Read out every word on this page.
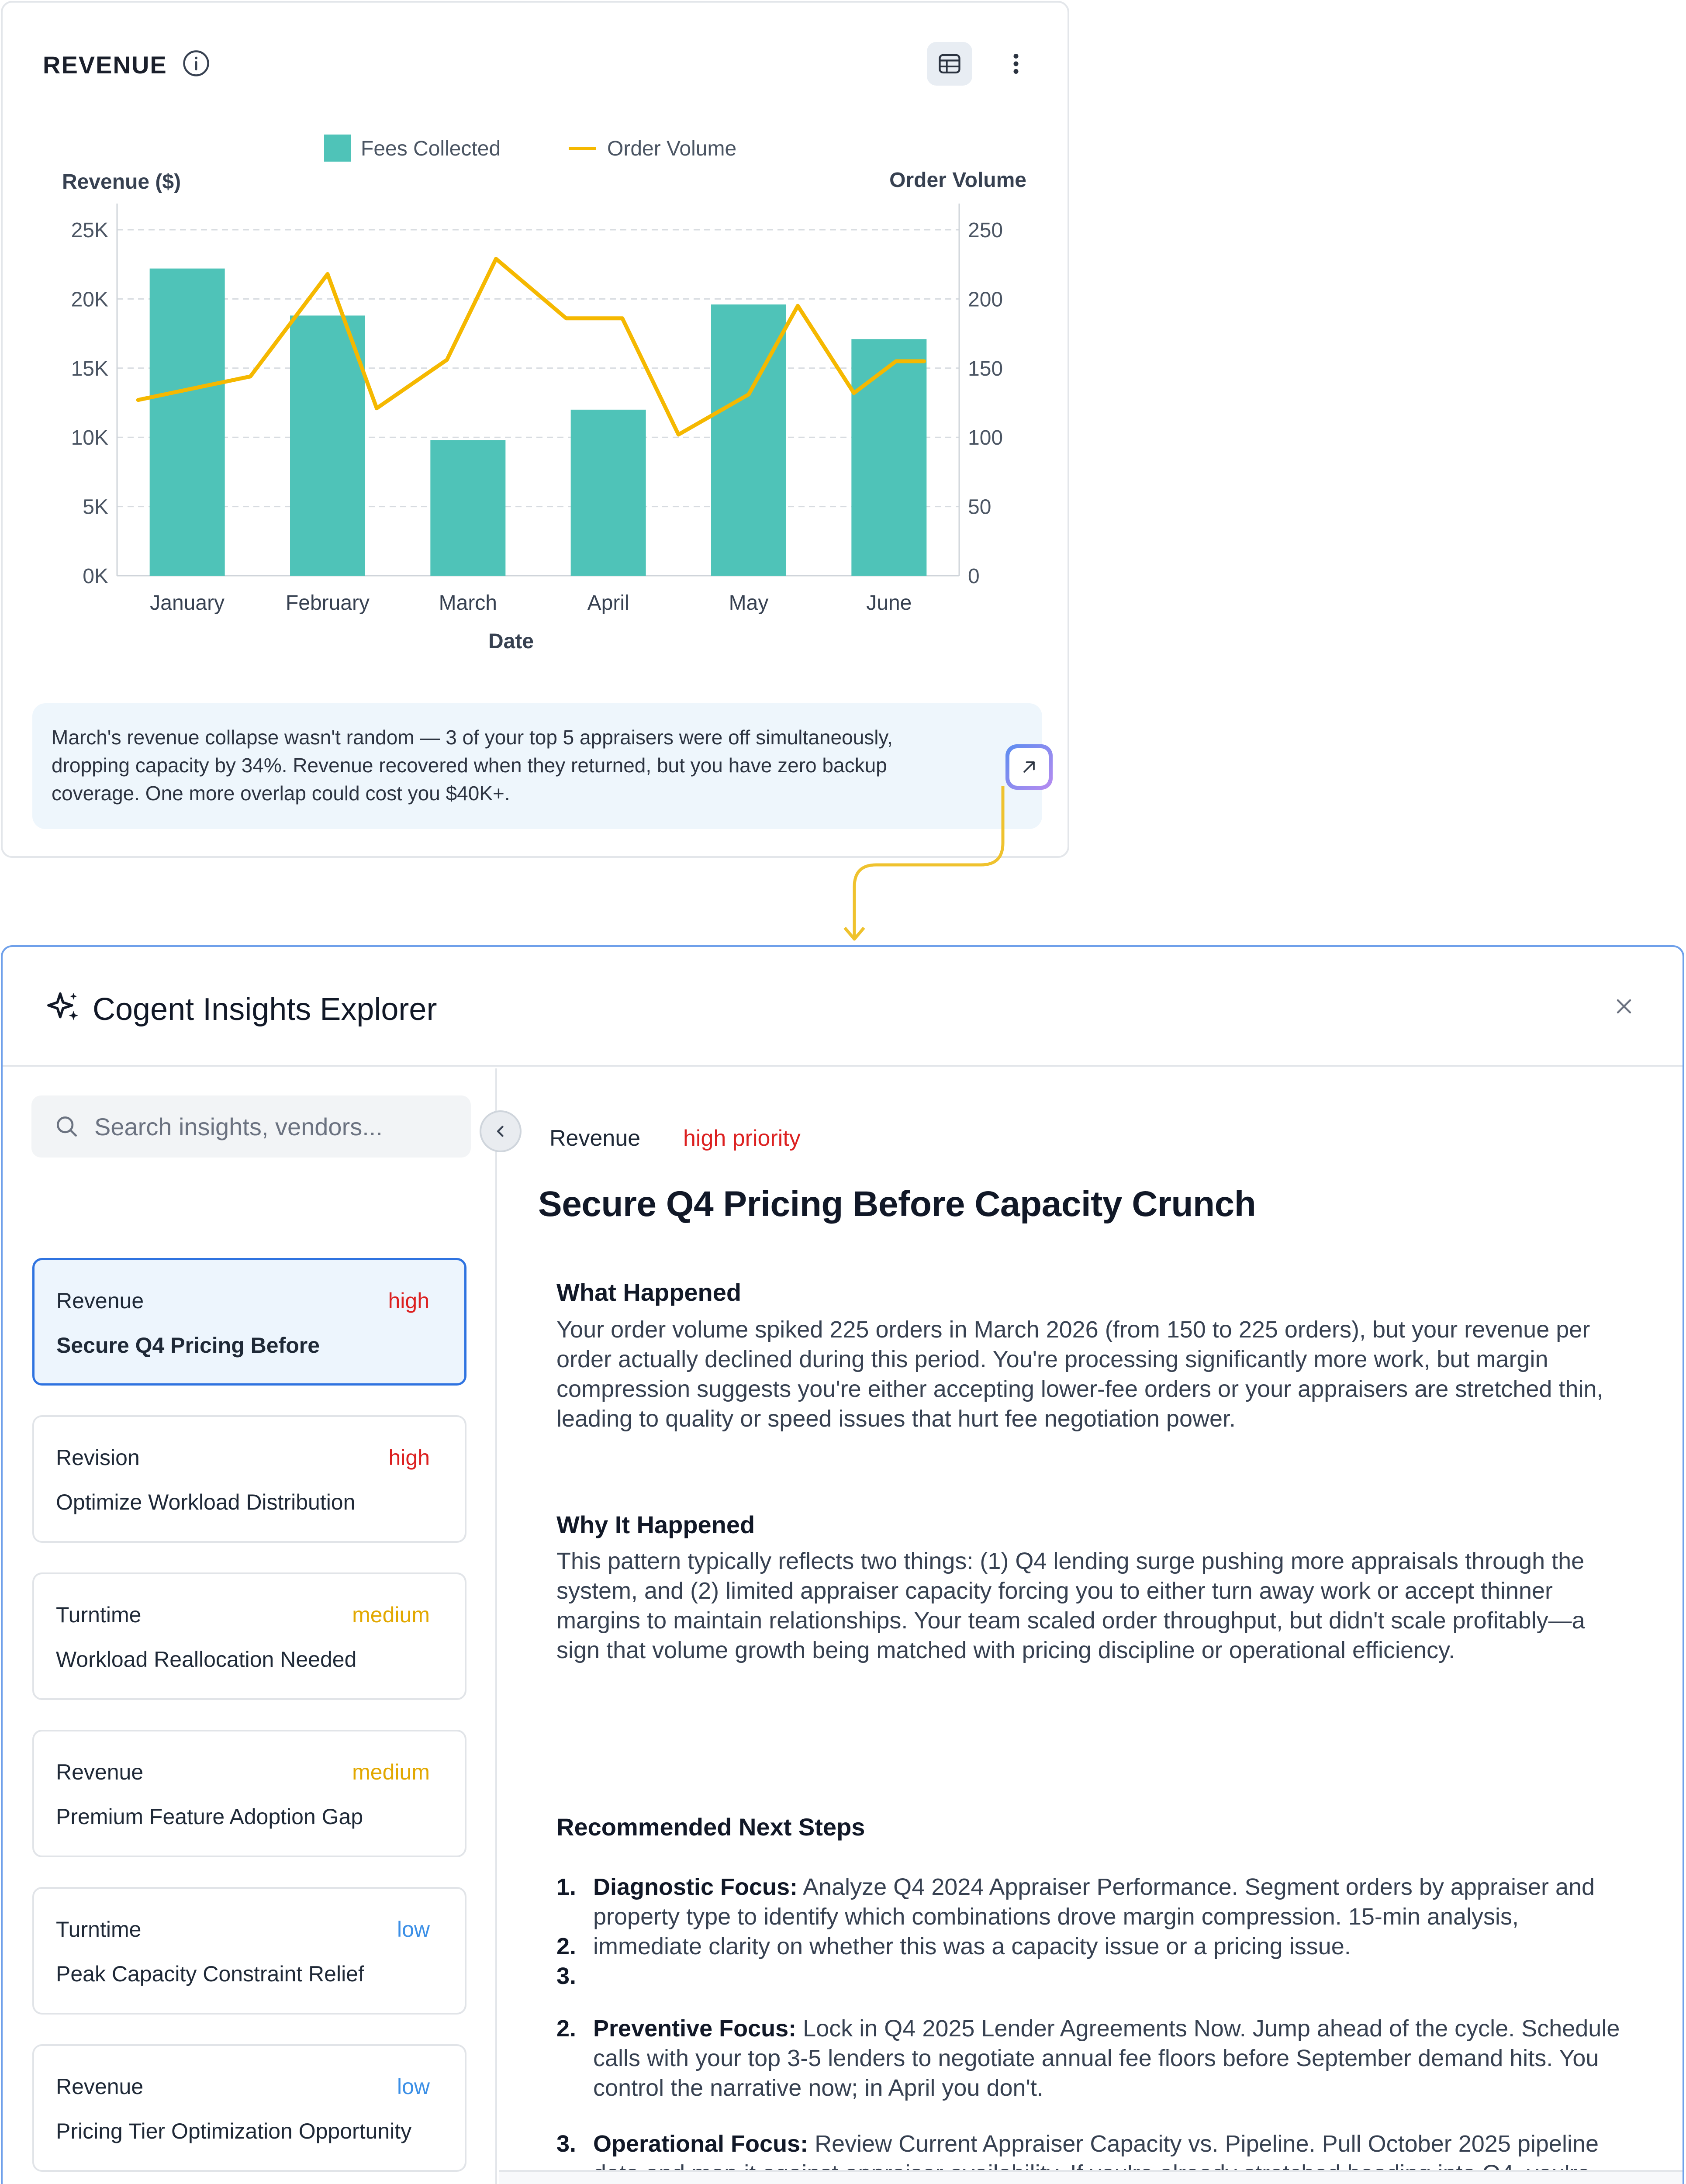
REVENUE
0K
5K
10K
15K
20K
25K
0
50
100
150
200
250
January	February	March	April	May	June
Revenue ($)	Order Volume
Date
Fees Collected	Order Volume
March's revenue collapse wasn't random — 3 of your top 5 appraisers were off simultaneously, dropping capacity by 34%. Revenue recovered when they returned, but you have zero backup coverage. One more overlap could cost you $40K+.
Cogent Insights Explorer
Search insights, vendors...
Revenue	high
Secure Q4 Pricing Before
Revision	high
Optimize Workload Distribution
Turntime	medium
Workload Reallocation Needed
Revenue	medium
Premium Feature Adoption Gap
Turntime	low
Peak Capacity Constraint Relief
Revenue	low
Pricing Tier Optimization Opportunity
Revenue high priority
Secure Q4 Pricing Before Capacity Crunch
What Happened
Your order volume spiked 225 orders in March 2026 (from 150 to 225 orders), but your revenue per order actually declined during this period. You're processing significantly more work, but margin compression suggests you're either accepting lower-fee orders or your appraisers are stretched thin, leading to quality or speed issues that hurt fee negotiation power.
Why It Happened
This pattern typically reflects two things: (1) Q4 lending surge pushing more appraisals through the system, and (2) limited appraiser capacity forcing you to either turn away work or accept thinner margins to maintain relationships. Your team scaled order throughput, but didn't scale profitably—a sign that volume growth being matched with pricing discipline or operational efficiency.
Recommended Next Steps
1. Diagnostic Focus: Analyze Q4 2024 Appraiser Performance. Segment orders by appraiser and property type to identify which combinations drove margin compression. 15-min analysis, immediate clarity on whether this was a capacity issue or a pricing issue.
2.
3.
2. Preventive Focus: Lock in Q4 2025 Lender Agreements Now. Jump ahead of the cycle. Schedule calls with your top 3-5 lenders to negotiate annual fee floors before September demand hits. You control the narrative now; in April you don't.
3. Operational Focus: Review Current Appraiser Capacity vs. Pipeline. Pull October 2025 pipeline
